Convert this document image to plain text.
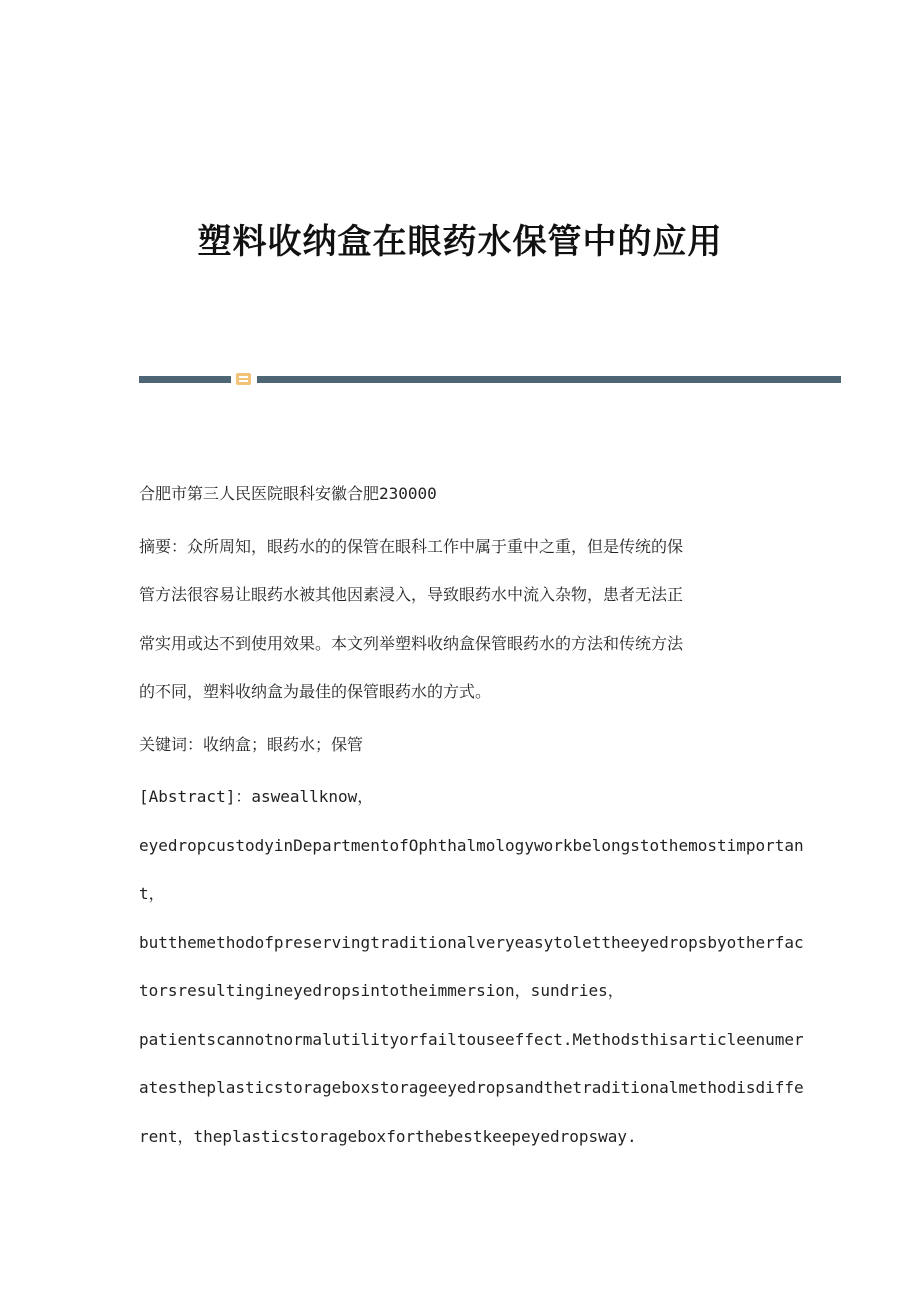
塑料收纳盒在眼药水保管中的应用
合肥市第三人民医院眼科安徽合肥230000
摘要：众所周知，眼药水的的保管在眼科工作中属于重中之重，但是传统的保
管方法很容易让眼药水被其他因素浸入，导致眼药水中流入杂物，患者无法正
常实用或达不到使用效果。本文列举塑料收纳盒保管眼药水的方法和传统方法
的不同，塑料收纳盒为最佳的保管眼药水的方式。
关键词：收纳盒；眼药水；保管
[Abstract]：asweallknow，
eyedropcustodyinDepartmentofOphthalmologyworkbelongstothemostimportan
t，
butthemethodofpreservingtraditionalveryeasytolettheeyedropsbyotherfac
torsresultingineyedropsintotheimmersion，sundries，
patientscannotnormalutilityorfailtouseeffect.Methodsthisarticleenumer
atestheplasticstorageboxstorageeyedropsandthetraditionalmethodisdiffe
rent，theplasticstorageboxforthebestkeepeyedropsway.
